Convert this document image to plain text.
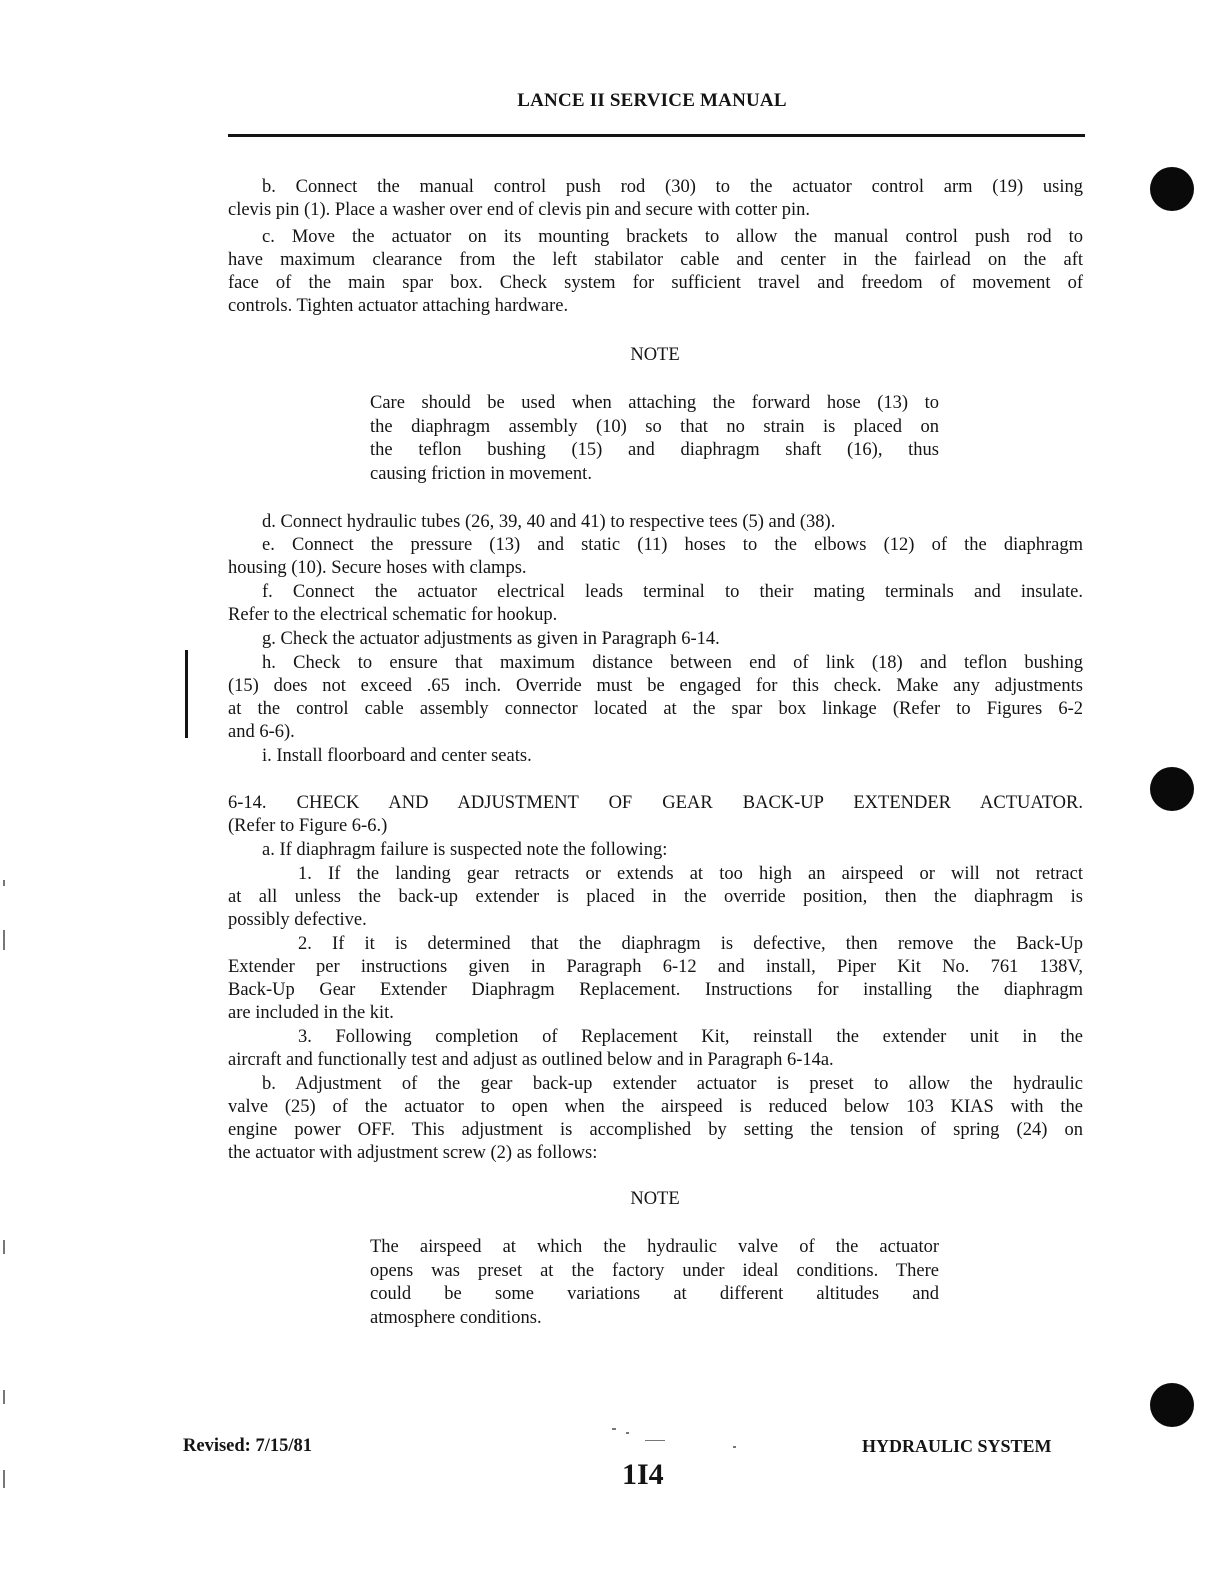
LANCE II SERVICE MANUAL
b. Connect the manual control push rod (30) to the actuator control arm (19) using
clevis pin (1). Place a washer over end of clevis pin and secure with cotter pin.
c. Move the actuator on its mounting brackets to allow the manual control push rod to
have maximum clearance from the left stabilator cable and center in the fairlead on the aft
face of the main spar box. Check system for sufficient travel and freedom of movement of
controls. Tighten actuator attaching hardware.
d. Connect hydraulic tubes (26, 39, 40 and 41) to respective tees (5) and (38).
e. Connect the pressure (13) and static (11) hoses to the elbows (12) of the diaphragm
housing (10). Secure hoses with clamps.
f. Connect the actuator electrical leads terminal to their mating terminals and insulate.
Refer to the electrical schematic for hookup.
g. Check the actuator adjustments as given in Paragraph 6-14.
h. Check to ensure that maximum distance between end of link (18) and teflon bushing
(15) does not exceed .65 inch. Override must be engaged for this check. Make any adjustments
at the control cable assembly connector located at the spar box linkage (Refer to Figures 6-2
and 6-6).
i. Install floorboard and center seats.
6-14. CHECK AND ADJUSTMENT OF GEAR BACK-UP EXTENDER ACTUATOR.
(Refer to Figure 6-6.)
a. If diaphragm failure is suspected note the following:
1. If the landing gear retracts or extends at too high an airspeed or will not retract
at all unless the back-up extender is placed in the override position, then the diaphragm is
possibly defective.
2. If it is determined that the diaphragm is defective, then remove the Back-Up
Extender per instructions given in Paragraph 6-12 and install, Piper Kit No. 761 138V,
Back-Up Gear Extender Diaphragm Replacement. Instructions for installing the diaphragm
are included in the kit.
3. Following completion of Replacement Kit, reinstall the extender unit in the
aircraft and functionally test and adjust as outlined below and in Paragraph 6-14a.
b. Adjustment of the gear back-up extender actuator is preset to allow the hydraulic
valve (25) of the actuator to open when the airspeed is reduced below 103 KIAS with the
engine power OFF. This adjustment is accomplished by setting the tension of spring (24) on
the actuator with adjustment screw (2) as follows:
NOTE
Care should be used when attaching the forward hose (13) to
the diaphragm assembly (10) so that no strain is placed on
the teflon bushing (15) and diaphragm shaft (16), thus
causing friction in movement.
NOTE
The airspeed at which the hydraulic valve of the actuator
opens was preset at the factory under ideal conditions. There
could be some variations at different altitudes and
atmosphere conditions.
Revised: 7/15/81
1I4
HYDRAULIC SYSTEM
